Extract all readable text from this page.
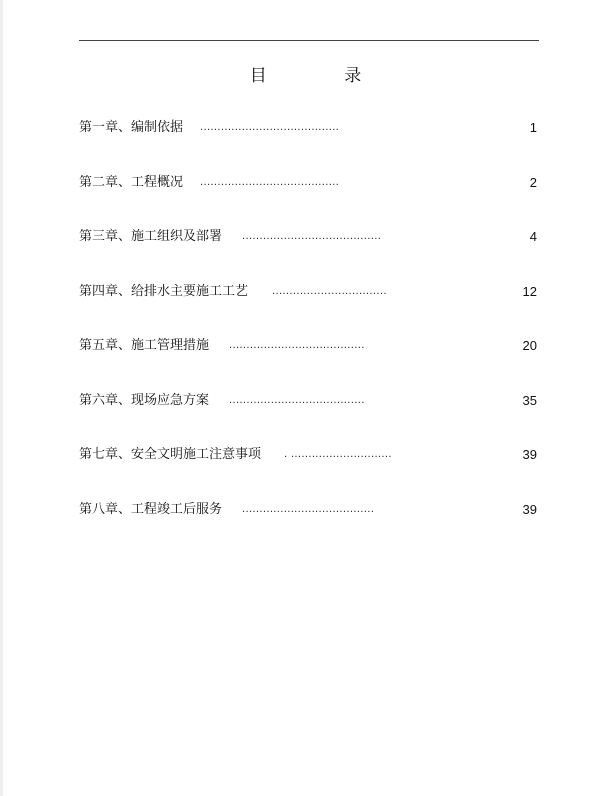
目 录
第一章、编制依据 ........................................	1
第二章、工程概况 ........................................	2
第三章、施工组织及部署 ........................................	4
第四章、给排水主要施工工艺 .................................	12
第五章、施工管理措施 .......................................	20
第六章、现场应急方案 .......................................	35
第七章、安全文明施工注意事项 . .............................	39
第八章、工程竣工后服务 ......................................	39
